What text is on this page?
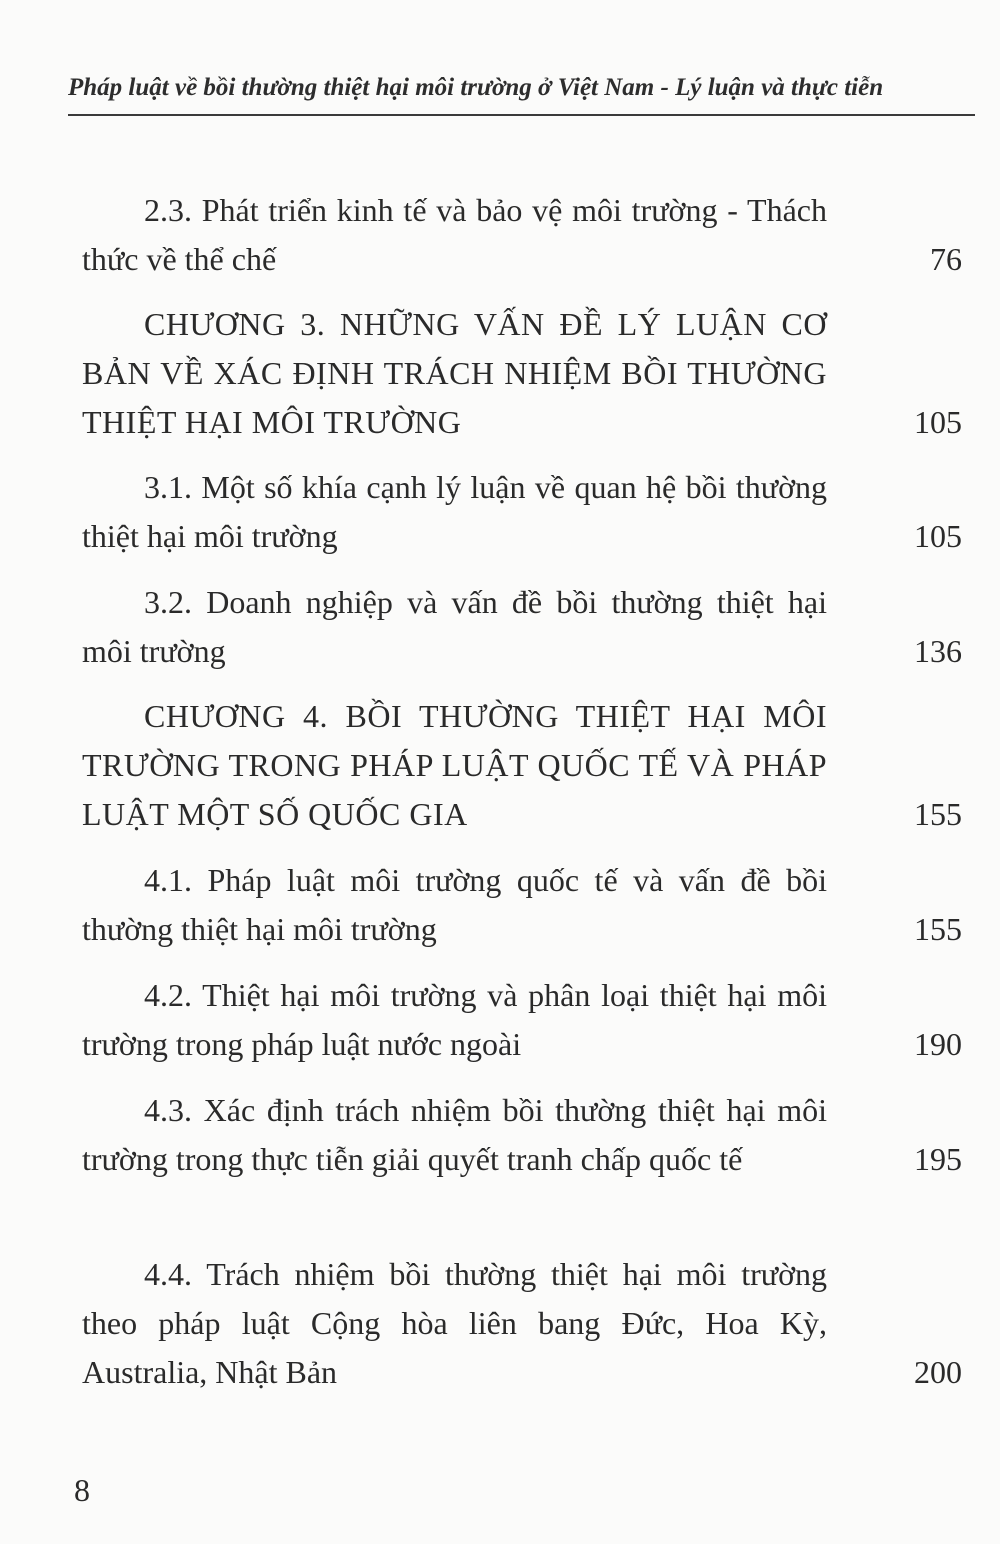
Pháp luật về bồi thường thiệt hại môi trường ở Việt Nam - Lý luận và thực tiễn
2.3. Phát triển kinh tế và bảo vệ môi trường - Thách thức về thể chế	76
CHƯƠNG 3. NHỮNG VẤN ĐỀ LÝ LUẬN CƠ BẢN VỀ XÁC ĐỊNH TRÁCH NHIỆM BỒI THƯỜNG THIỆT HẠI MÔI TRƯỜNG	105
3.1. Một số khía cạnh lý luận về quan hệ bồi thường thiệt hại môi trường	105
3.2. Doanh nghiệp và vấn đề bồi thường thiệt hại môi trường	136
CHƯƠNG 4. BỒI THƯỜNG THIỆT HẠI MÔI TRƯỜNG TRONG PHÁP LUẬT QUỐC TẾ VÀ PHÁP LUẬT MỘT SỐ QUỐC GIA	155
4.1. Pháp luật môi trường quốc tế và vấn đề bồi thường thiệt hại môi trường	155
4.2. Thiệt hại môi trường và phân loại thiệt hại môi trường trong pháp luật nước ngoài	190
4.3. Xác định trách nhiệm bồi thường thiệt hại môi trường trong thực tiễn giải quyết tranh chấp quốc tế	195
4.4. Trách nhiệm bồi thường thiệt hại môi trường theo pháp luật Cộng hòa liên bang Đức, Hoa Kỳ, Australia, Nhật Bản	200
8
